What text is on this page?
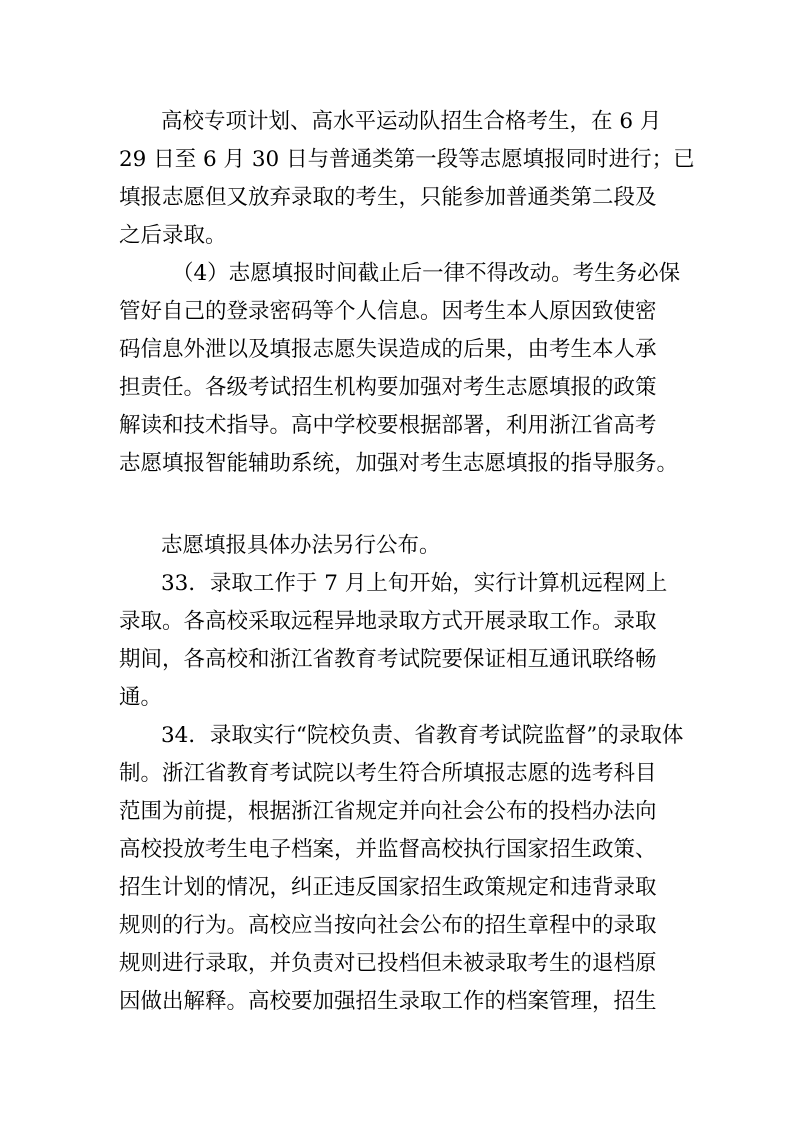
高校专项计划、高水平运动队招生合格考生，在 6 月
29 日至 6 月 30 日与普通类第一段等志愿填报同时进行；已
填报志愿但又放弃录取的考生，只能参加普通类第二段及
之后录取。
（4）志愿填报时间截止后一律不得改动。考生务必保
管好自己的登录密码等个人信息。因考生本人原因致使密
码信息外泄以及填报志愿失误造成的后果，由考生本人承
担责任。各级考试招生机构要加强对考生志愿填报的政策
解读和技术指导。高中学校要根据部署，利用浙江省高考
志愿填报智能辅助系统，加强对考生志愿填报的指导服务。
志愿填报具体办法另行公布。
33．录取工作于 7 月上旬开始，实行计算机远程网上
录取。各高校采取远程异地录取方式开展录取工作。录取
期间，各高校和浙江省教育考试院要保证相互通讯联络畅
通。
34．录取实行“院校负责、省教育考试院监督”的录取体
制。浙江省教育考试院以考生符合所填报志愿的选考科目
范围为前提，根据浙江省规定并向社会公布的投档办法向
高校投放考生电子档案，并监督高校执行国家招生政策、
招生计划的情况，纠正违反国家招生政策规定和违背录取
规则的行为。高校应当按向社会公布的招生章程中的录取
规则进行录取，并负责对已投档但未被录取考生的退档原
因做出解释。高校要加强招生录取工作的档案管理，招生
